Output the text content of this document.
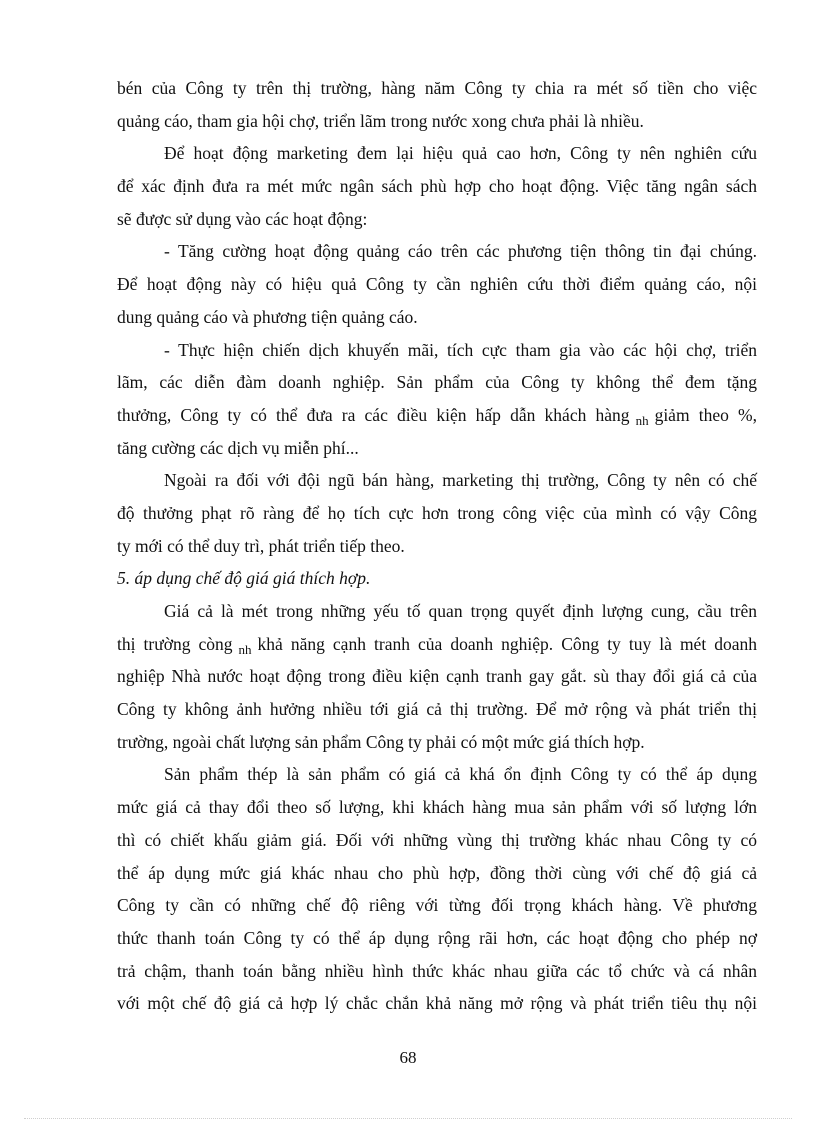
bén của Công ty trên thị trường, hàng năm Công ty chia ra mét số tiền cho việc
quảng cáo, tham gia hội chợ, triển lãm trong nước xong chưa phải là nhiều.
Để hoạt động marketing đem lại hiệu quả cao hơn, Công ty nên nghiên cứu
để xác định đưa ra mét mức ngân sách phù hợp cho hoạt động. Việc tăng ngân sách
sẽ được sử dụng vào các hoạt động:
- Tăng cường hoạt động quảng cáo trên các phương tiện thông tin đại chúng.
Để hoạt động này có hiệu quả Công ty cần nghiên cứu thời điểm quảng cáo, nội
dung quảng cáo và phương tiện quảng cáo.
- Thực hiện chiến dịch khuyến mãi, tích cực tham gia vào các hội chợ, triển
lãm, các diễn đàm doanh nghiệp. Sản phẩm của Công ty không thể đem tặng
thưởng, Công ty có thể đưa ra các điều kiện hấp dẫn khách hàng $_{nh}$ giảm theo %,
tăng cường các dịch vụ miễn phí...
Ngoài ra đối với đội ngũ bán hàng, marketing thị trường, Công ty nên có chế
độ thưởng phạt rõ ràng để họ tích cực hơn trong công việc của mình có vậy Công
ty mới có thể duy trì, phát triển tiếp theo.
5. áp dụng chế độ giá giá thích hợp.
Giá cả là mét trong những yếu tố quan trọng quyết định lượng cung, cầu trên
thị trường còng $_{nh}$ khả năng cạnh tranh của doanh nghiệp. Công ty tuy là mét doanh
nghiệp Nhà nước hoạt động trong điều kiện cạnh tranh gay gắt. sù thay đổi giá cả của
Công ty không ảnh hưởng nhiều tới giá cả thị trường. Để mở rộng và phát triển thị
trường, ngoài chất lượng sản phẩm Công ty phải có một mức giá thích hợp.
Sản phẩm thép là sản phẩm có giá cả khá ổn định Công ty có thể áp dụng
mức giá cả thay đổi theo số lượng, khi khách hàng mua sản phẩm với số lượng lớn
thì có chiết khấu giảm giá. Đối với những vùng thị trường khác nhau Công ty có
thể áp dụng mức giá khác nhau cho phù hợp, đồng thời cùng với chế độ giá cả
Công ty cần có những chế độ riêng với từng đối trọng khách hàng. Về phương
thức thanh toán Công ty có thể áp dụng rộng rãi hơn, các hoạt động cho phép nợ
trả chậm, thanh toán bằng nhiều hình thức khác nhau giữa các tổ chức và cá nhân
với một chế độ giá cả hợp lý chắc chắn khả năng mở rộng và phát triển tiêu thụ nội
68
